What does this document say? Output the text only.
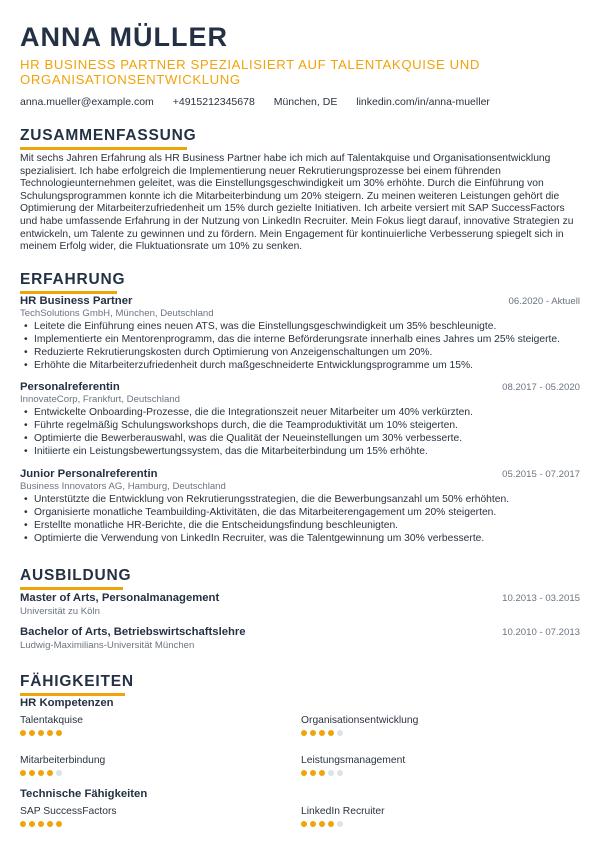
ANNA MÜLLER
HR BUSINESS PARTNER SPEZIALISIERT AUF TALENTAKQUISE UND ORGANISATIONSENTWICKLUNG
anna.mueller@example.com +4915212345678 München, DE linkedin.com/in/anna-mueller
ZUSAMMENFASSUNG
Mit sechs Jahren Erfahrung als HR Business Partner habe ich mich auf Talentakquise und Organisationsentwicklung spezialisiert. Ich habe erfolgreich die Implementierung neuer Rekrutierungsprozesse bei einem führenden Technologieunternehmen geleitet, was die Einstellungsgeschwindigkeit um 30% erhöhte. Durch die Einführung von Schulungsprogrammen konnte ich die Mitarbeiterbindung um 20% steigern. Zu meinen weiteren Leistungen gehört die Optimierung der Mitarbeiterzufriedenheit um 15% durch gezielte Initiativen. Ich arbeite versiert mit SAP SuccessFactors und habe umfassende Erfahrung in der Nutzung von LinkedIn Recruiter. Mein Fokus liegt darauf, innovative Strategien zu entwickeln, um Talente zu gewinnen und zu fördern. Mein Engagement für kontinuierliche Verbesserung spiegelt sich in meinem Erfolg wider, die Fluktuationsrate um 10% zu senken.
ERFAHRUNG
HR Business Partner	06.2020 - Aktuell
TechSolutions GmbH, München, Deutschland
• Leitete die Einführung eines neuen ATS, was die Einstellungsgeschwindigkeit um 35% beschleunigte.
• Implementierte ein Mentorenprogramm, das die interne Beförderungsrate innerhalb eines Jahres um 25% steigerte.
• Reduzierte Rekrutierungskosten durch Optimierung von Anzeigenschaltungen um 20%.
• Erhöhte die Mitarbeiterzufriedenheit durch maßgeschneiderte Entwicklungsprogramme um 15%.
Personalreferentin	08.2017 - 05.2020
InnovateCorp, Frankfurt, Deutschland
• Entwickelte Onboarding-Prozesse, die die Integrationszeit neuer Mitarbeiter um 40% verkürzten.
• Führte regelmäßig Schulungsworkshops durch, die die Teamproduktivität um 10% steigerten.
• Optimierte die Bewerberauswahl, was die Qualität der Neueinstellungen um 30% verbesserte.
• Initiierte ein Leistungsbewertungssystem, das die Mitarbeiterbindung um 15% erhöhte.
Junior Personalreferentin	05.2015 - 07.2017
Business Innovators AG, Hamburg, Deutschland
• Unterstützte die Entwicklung von Rekrutierungsstrategien, die die Bewerbungsanzahl um 50% erhöhten.
• Organisierte monatliche Teambuilding-Aktivitäten, die das Mitarbeiterengagement um 20% steigerten.
• Erstellte monatliche HR-Berichte, die die Entscheidungsfindung beschleunigten.
• Optimierte die Verwendung von LinkedIn Recruiter, was die Talentgewinnung um 30% verbesserte.
AUSBILDUNG
Master of Arts, Personalmanagement	10.2013 - 03.2015
Universität zu Köln
Bachelor of Arts, Betriebswirtschaftslehre	10.2010 - 07.2013
Ludwig-Maximilians-Universität München
FÄHIGKEITEN
HR Kompetenzen
Talentakquise	Organisationsentwicklung
Mitarbeiterbindung	Leistungsmanagement
Technische Fähigkeiten
SAP SuccessFactors	LinkedIn Recruiter
